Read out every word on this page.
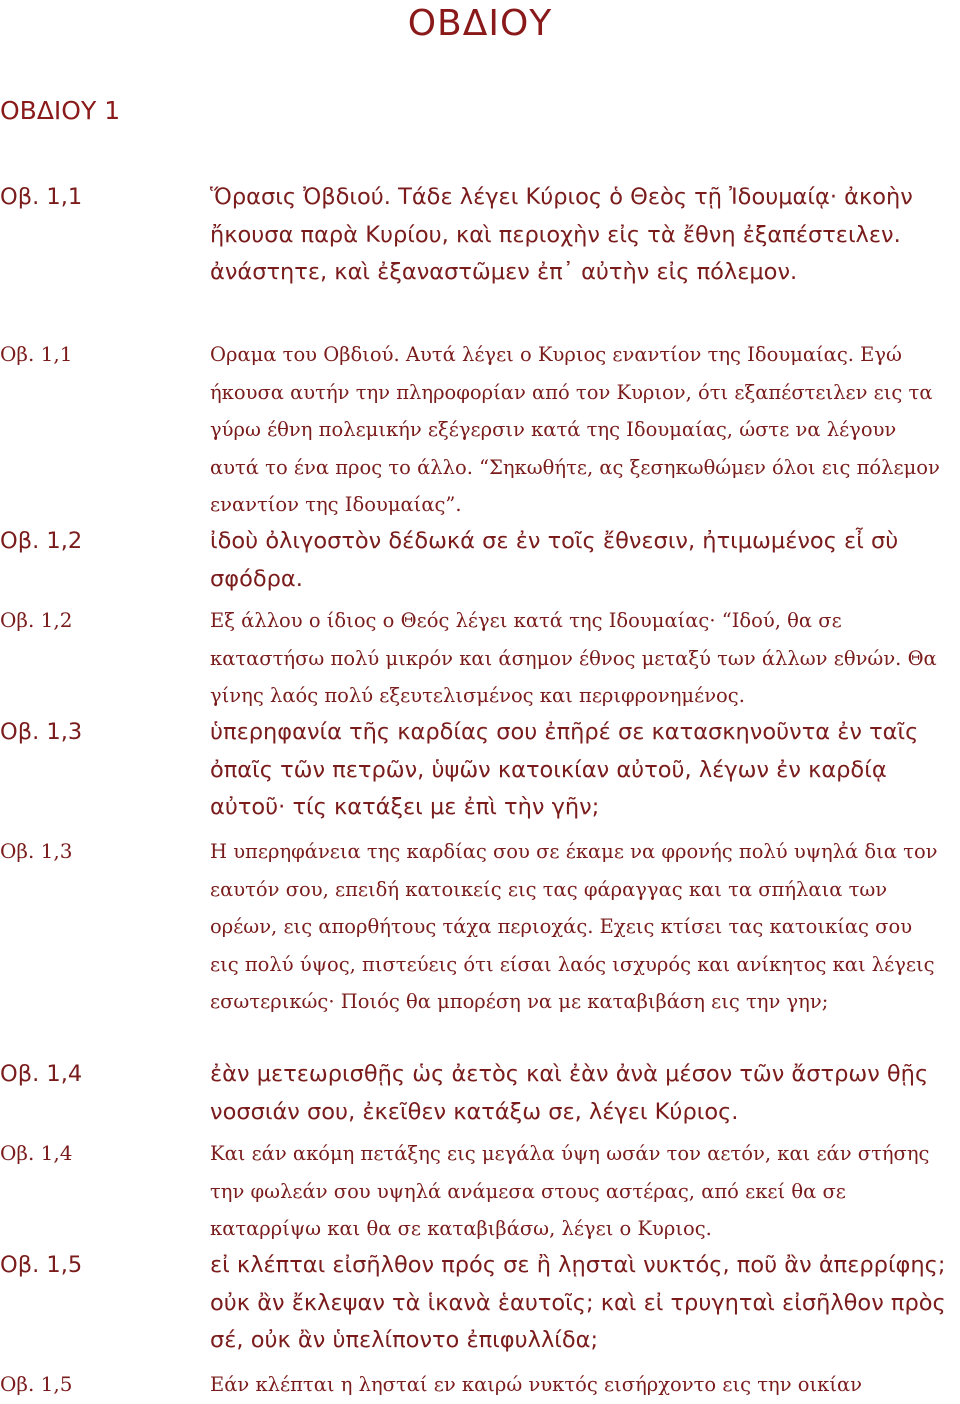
ΟΒΔΙΟΥ
ΟΒΔΙΟΥ 1
Οβ. 1,1	Ὅρασις Ὀβδιού. Τάδε λέγει Κύριος ὁ Θεὸς τῇ Ἰδουμαίᾳ· ἀκοὴν ἤκουσα παρὰ Κυρίου, καὶ περιοχὴν εἰς τὰ ἔθνη ἐξαπέστειλεν. ἀνάστητε, καὶ ἐξαναστῶμεν ἐπ᾿ αὐτὴν εἰς πόλεμον.
Οβ. 1,1	Οραμα του Οβδιού. Αυτά λέγει ο Κυριος εναντίον της Ιδουμαίας. Εγώ ήκουσα αυτήν την πληροφορίαν από τον Κυριον, ότι εξαπέστειλεν εις τα γύρω έθνη πολεμικήν εξέγερσιν κατά της Ιδουμαίας, ώστε να λέγουν αυτά το ένα προς το άλλο. “Σηκωθήτε, ας ξεσηκωθώμεν όλοι εις πόλεμον εναντίον της Ιδουμαίας”.
Οβ. 1,2	ἰδοὺ ὀλιγοστὸν δέδωκά σε ἐν τοῖς ἔθνεσιν, ἠτιμωμένος εἶ σὺ σφόδρα.
Οβ. 1,2	Εξ άλλου ο ίδιος ο Θεός λέγει κατά της Ιδουμαίας· “Ιδού, θα σε καταστήσω πολύ μικρόν και άσημον έθνος μεταξύ των άλλων εθνών. Θα γίνης λαός πολύ εξευτελισμένος και περιφρονημένος.
Οβ. 1,3	ὑπερηφανία τῆς καρδίας σου ἐπῆρέ σε κατασκηνοῦντα ἐν ταῖς ὀπαῖς τῶν πετρῶν, ὑψῶν κατοικίαν αὐτοῦ, λέγων ἐν καρδίᾳ αὐτοῦ· τίς κατάξει με ἐπὶ τὴν γῆν;
Οβ. 1,3	Η υπερηφάνεια της καρδίας σου σε έκαμε να φρονής πολύ υψηλά δια τον εαυτόν σου, επειδή κατοικείς εις τας φάραγγας και τα σπήλαια των ορέων, εις απορθήτους τάχα περιοχάς. Εχεις κτίσει τας κατοικίας σου εις πολύ ύψος, πιστεύεις ότι είσαι λαός ισχυρός και ανίκητος και λέγεις εσωτερικώς· Ποιός θα μπορέση να με καταβιβάση εις την γην;
Οβ. 1,4	ἐὰν μετεωρισθῇς ὡς ἀετὸς καὶ ἐὰν ἀνὰ μέσον τῶν ἄστρων θῇς νοσσιάν σου, ἐκεῖθεν κατάξω σε, λέγει Κύριος.
Οβ. 1,4	Και εάν ακόμη πετάξης εις μεγάλα ύψη ωσάν τον αετόν, και εάν στήσης την φωλεάν σου υψηλά ανάμεσα στους αστέρας, από εκεί θα σε καταρρίψω και θα σε καταβιβάσω, λέγει ο Κυριος.
Οβ. 1,5	εἰ κλέπται εἰσῆλθον πρός σε ἢ λῃσταὶ νυκτός, ποῦ ἂν ἀπερρίφης; οὐκ ἂν ἔκλεψαν τὰ ἱκανὰ ἑαυτοῖς; καὶ εἰ τρυγηταὶ εἰσῆλθον πρὸς σέ, οὐκ ἂν ὑπελίποντο ἐπιφυλλίδα;
Οβ. 1,5	Εάν κλέπται η λησταί εν καιρώ νυκτός εισήρχοντο εις την οικίαν
